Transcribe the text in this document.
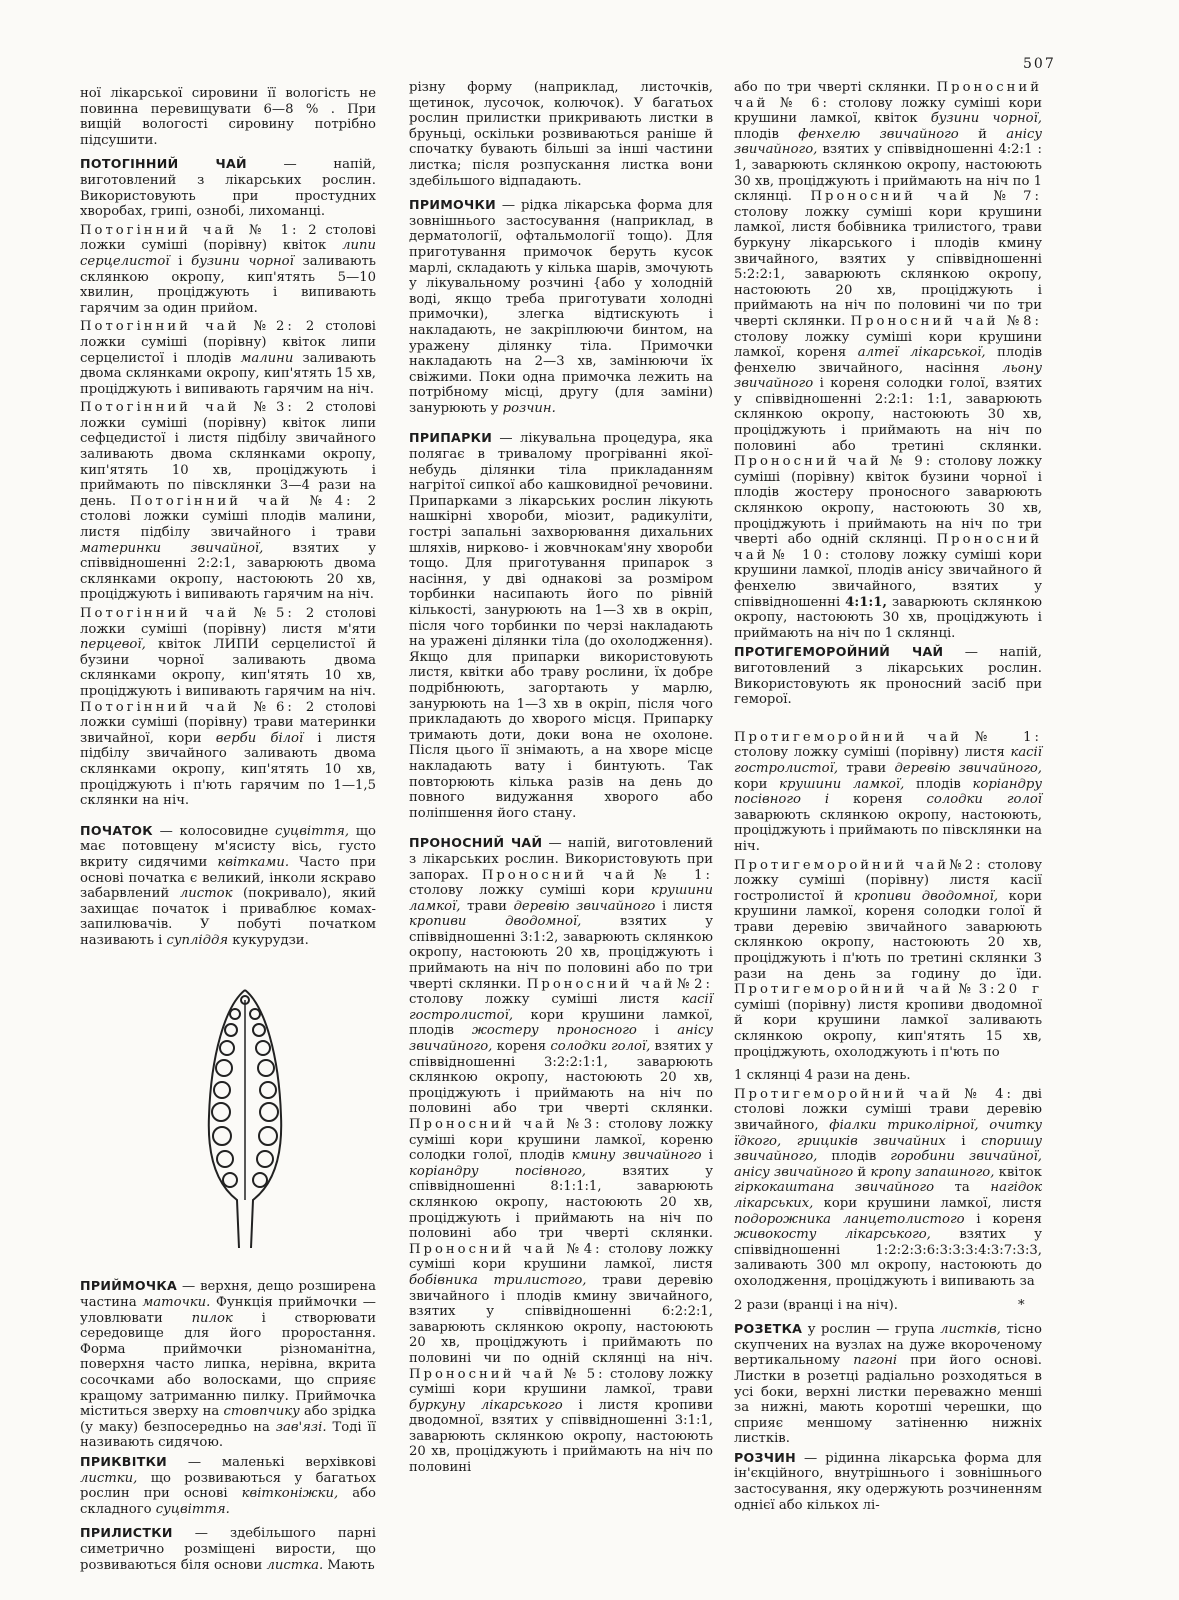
507

ної лікарської сировини її вологість не повинна перевищувати 6—8 % . При вищій вологості сировину потрібно підсушити.

ПОТОГІННИЙ ЧАЙ — напій, виготовлений з лікарських рослин. Використовують при простудних хворобах, грипі, ознобі, лихоманці.

Потогінний чай № 1: 2 столові ложки суміші (порівну) квіток липи серцелистої і бузини чорної заливають склянкою окропу, кип'ятять 5—10 хвилин, проціджують і випивають гарячим за один прийом.

Потогінний чай №2: 2 столові ложки суміші (порівну) квіток липи серцелистої і плодів малини заливають двома склянками окропу, кип'ятять 15 хв, проціджують і випивають гарячим на ніч.

Потогінний чай №3: 2 столові ложки суміші (порівну) квіток липи сефцедистої і листя підбілу звичайного заливають двома склянками окропу, кип'ятять 10 хв, проціджують і приймають по півсклянки 3—4 рази на день. Потогінний чай №4: 2 столові ложки суміші плодів малини, листя підбілу звичайного і трави материнки звичайної, взятих у співвідношенні 2:2:1, заварюють двома склянками окропу, настоюють 20 хв, проціджують і випивають гарячим на ніч.

Потогінний чай №5: 2 столові ложки суміші (порівну) листя м'яти перцевої, квіток ЛИПИ серцелистої й бузини чорної заливають двома склянками окропу, кип'ятять 10 хв, проціджують і випивають гарячим на ніч. Потогінний чай №6: 2 столові ложки суміші (порівну) трави материнки звичайної, кори верби білої і листя підбілу звичайного заливають двома склянками окропу, кип'ятять 10 хв, проціджують і п'ють гарячим по 1—1,5 склянки на ніч.

ПОЧАТОК — колосовидне суцвіття, що має потовщену м'ясисту вісь, густо вкриту сидячими квітками. Часто при основі початка є великий, інколи яскраво забарвлений листок (покривало), який захищає початок і приваблює комах-запилювачів. У побуті початком називають і супліддя кукурудзи.

ПРИЙМОЧКА — верхня, дещо розширена частина маточки. Функція приймочки — уловлювати пилок і створювати середовище для його проростання. Форма приймочки різноманітна, поверхня часто липка, нерівна, вкрита сосочками або волосками, що сприяє кращому затриманню пилку. Приймочка міститься зверху на стовпчику або зрідка (у маку) безпосередньо на зав'язі. Тоді її називають сидячою.

ПРИКВІТКИ — маленькі верхівкові листки, що розвиваються у багатьох рослин при основі квітконіжки, або складного суцвіття.

ПРИЛИСТКИ — здебільшого парні симетрично розміщені вирости, що розвиваються біля основи листка. Мають

різну форму (наприклад, листочків, щетинок, лусочок, колючок). У багатьох рослин прилистки прикривають листки в бруньці, оскільки розвиваються раніше й спочатку бувають більші за інші частини листка; після розпускання листка вони здебільшого відпадають.

ПРИМОЧКИ — рідка лікарська форма для зовнішнього застосування (наприклад, в дерматології, офтальмології тощо). Для приготування примочок беруть кусок марлі, складають у кілька шарів, змочують у лікувальному розчині {або у холодній воді, якщо треба приготувати холодні примочки), злегка відтискують і накладають, не закріплюючи бинтом, на уражену ділянку тіла. Примочки накладають на 2—3 хв, замінюючи їх свіжими. Поки одна примочка лежить на потрібному місці, другу (для заміни) занурюють у розчин.

ПРИПАРКИ — лікувальна процедура, яка полягає в тривалому прогріванні якої-небудь ділянки тіла прикладанням нагрітої сипкої або кашковидної речовини. Припарками з лікарських рослин лікують нашкірні хвороби, міозит, радикуліти, гострі запальні захворювання дихальних шляхів, нирково- і жовчнокам'яну хвороби тощо. Для приготування припарок з насіння, у дві однакові за розміром торбинки насипають його по рівній кількості, занурюють на 1—3 хв в окріп, після чого торбинки по черзі накладають на уражені ділянки тіла (до охолодження). Якщо для припарки використовують листя, квітки або траву рослини, їх добре подрібнюють, загортають у марлю, занурюють на 1—3 хв в окріп, після чого прикладають до хворого місця. Припарку тримають доти, доки вона не охолоне. Після цього її знімають, а на хворе місце накладають вату і бинтують. Так повторюють кілька разів на день до повного видужання хворого або поліпшення його стану.

ПРОНОСНИЙ ЧАЙ — напій, виготовлений з лікарських рослин. Використовують при запорах. Проносний чай № 1: столову ложку суміші кори крушини ламкої, трави деревію звичайного і листя кропиви дводомної, взятих у співвідношенні 3:1:2, заварюють склянкою окропу, настоюють 20 хв, проціджують і приймають на ніч по половині або по три чверті склянки. Проносний чай№2: столову ложку суміші листя касії гостролистої, кори крушини ламкої, плодів жостеру проносного і анісу звичайного, кореня солодки голої, взятих у співвідношенні 3:2:2:1:1, заварюють склянкою окропу, настоюють 20 хв, проціджують і приймають на ніч по половині або три чверті склянки. Проносний чай №3: столову ложку суміші кори крушини ламкої, кореню солодки голої, плодів кмину звичайного і коріандру посівного, взятих у співвідношенні 8:1:1:1, заварюють склянкою окропу, настоюють 20 хв, проціджують і приймають на ніч по половині або три чверті склянки. Проносний чай №4: столову ложку суміші кори крушини ламкої, листя бобівника трилистого, трави деревію звичайного і плодів кмину звичайного, взятих у співвідношенні 6:2:2:1, заварюють склянкою окропу, настоюють 20 хв, проціджують і приймають по половині чи по одній склянці на ніч. Проносний чай № 5: столову ложку суміші кори крушини ламкої, трави буркуну лікарського і листя кропиви дводомної, взятих у співвідношенні 3:1:1, заварюють склянкою окропу, настоюють 20 хв, проціджують і приймають на ніч по половині

або по три чверті склянки. Проносний чай № 6: столову ложку суміші кори крушини ламкої, квіток бузини чорної, плодів фенхелю звичайного й анісу звичайного, взятих у співвідношенні 4:2:1 : 1, заварюють склянкою окропу, настоюють 30 хв, проціджують і приймають на ніч по 1 склянці. Проносний чай №7: столову ложку суміші кори крушини ламкої, листя бобівника трилистого, трави буркуну лікарського і плодів кмину звичайного, взятих у співвідношенні 5:2:2:1, заварюють склянкою окропу, настоюють 20 хв, проціджують і приймають на ніч по половині чи по три чверті склянки. Проносний чай №8: столову ложку суміші кори крушини ламкої, кореня алтеї лікарської, плодів фенхелю звичайного, насіння льону звичайного і кореня солодки голої, взятих у співвідношенні 2:2:1: 1:1, заварюють склянкою окропу, настоюють 30 хв, проціджують і приймають на ніч по половині або третині склянки. Проносний чай № 9: столову ложку суміші (порівну) квіток бузини чорної і плодів жостеру проносного заварюють склянкою окропу, настоюють 30 хв, проціджують і приймають на ніч по три чверті або одній склянці. Проносний чай№ 10: столову ложку суміші кори крушини ламкої, плодів анісу звичайного й фенхелю звичайного, взятих у співвідношенні 4:1:1, заварюють склянкою окропу, настоюють 30 хв, проціджують і приймають на ніч по 1 склянці.

ПРОТИГЕМОРОЙНИЙ ЧАЙ — напій, виготовлений з лікарських рослин. Використовують як проносний засіб при геморої.

Протигеморойний чай№ 1: столову ложку суміші (порівну) листя касії гостролистої, трави деревію звичайного, кори крушини ламкої, плодів коріандру посівного і кореня солодки голої заварюють склянкою окропу, настоюють, проціджують і приймають по півсклянки на ніч.

Протигеморойний чай№2: столову ложку суміші (порівну) листя касії гостролистої й кропиви дводомної, кори крушини ламкої, кореня солодки голої й трави деревію звичайного заварюють склянкою окропу, настоюють 20 хв, проціджують і п'ють по третині склянки 3 рази на день за годину до їди. Протигеморойний чай№3:20 г суміші (порівну) листя кропиви дводомної й кори крушини ламкої заливають склянкою окропу, кип'ятять 15 хв, проціджують, охолоджують і п'ють по

1 склянці 4 рази на день.

Протигеморойний чай № 4: дві столові ложки суміші трави деревію звичайного, фіалки триколірної, очитку їдкого, грициків звичайних і споришу звичайного, плодів горобини звичайної, анісу звичайного й кропу запашного, квіток гіркокаштана звичайного та нагідок лікарських, кори крушини ламкої, листя подорожника ланцетолистого і кореня живокосту лікарського, взятих у співвідношенні 1:2:2:3:6:3:3:3:4:3:7:3:3, заливають 300 мл окропу, настоюють до охолодження, проціджують і випивають за

2 рази (вранці і на ніч).	*

РОЗЕТКА у рослин — група листків, тісно скупчених на вузлах на дуже вкороченому вертикальному пагоні при його основі. Листки в розетці радіально розходяться в усі боки, верхні листки переважно менші за нижні, мають коротші черешки, що сприяє меншому затіненню нижніх листків.

РОЗЧИН — рідинна лікарська форма для ін'єкційного, внутрішнього і зовнішнього застосування, яку одержують розчиненням однієї або кількох лі-
